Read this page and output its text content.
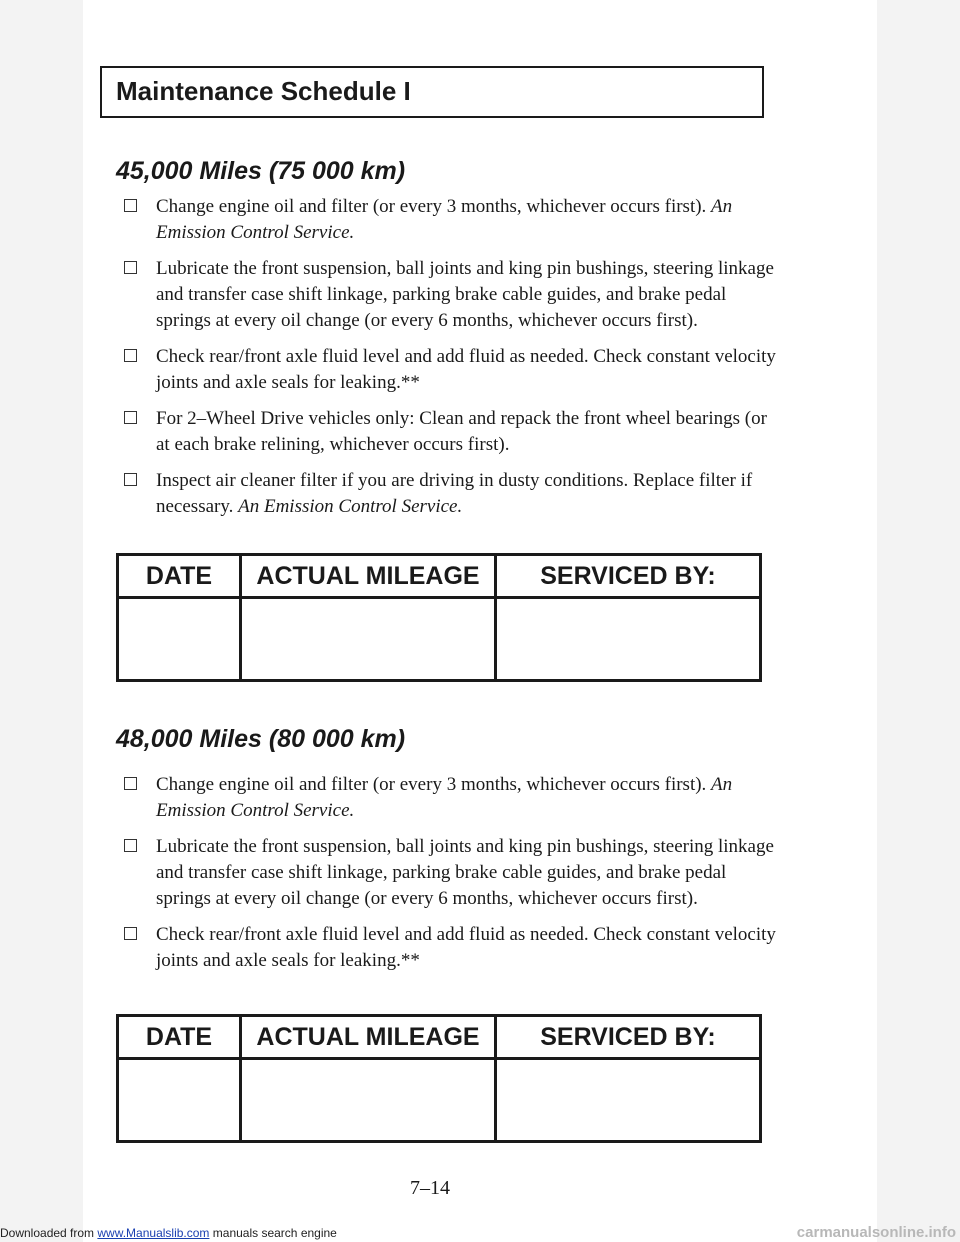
Maintenance Schedule I
45,000 Miles (75 000 km)
Change engine oil and filter (or every 3 months, whichever occurs first). An Emission Control Service.
Lubricate the front suspension, ball joints and king pin bushings, steering linkage and transfer case shift linkage, parking brake cable guides, and brake pedal springs at every oil change (or every 6 months, whichever occurs first).
Check rear/front axle fluid level and add fluid as needed. Check constant velocity joints and axle seals for leaking.**
For 2–Wheel Drive vehicles only: Clean and repack the front wheel bearings (or at each brake relining, whichever occurs first).
Inspect air cleaner filter if you are driving in dusty conditions. Replace filter if necessary. An Emission Control Service.
DATE	ACTUAL MILEAGE	SERVICED BY:

48,000 Miles (80 000 km)
Change engine oil and filter (or every 3 months, whichever occurs first). An Emission Control Service.
Lubricate the front suspension, ball joints and king pin bushings, steering linkage and transfer case shift linkage, parking brake cable guides, and brake pedal springs at every oil change (or every 6 months, whichever occurs first).
Check rear/front axle fluid level and add fluid as needed. Check constant velocity joints and axle seals for leaking.**
DATE	ACTUAL MILEAGE	SERVICED BY:

7–14
Downloaded from www.Manualslib.com manuals search engine	carmanualsonline.info
